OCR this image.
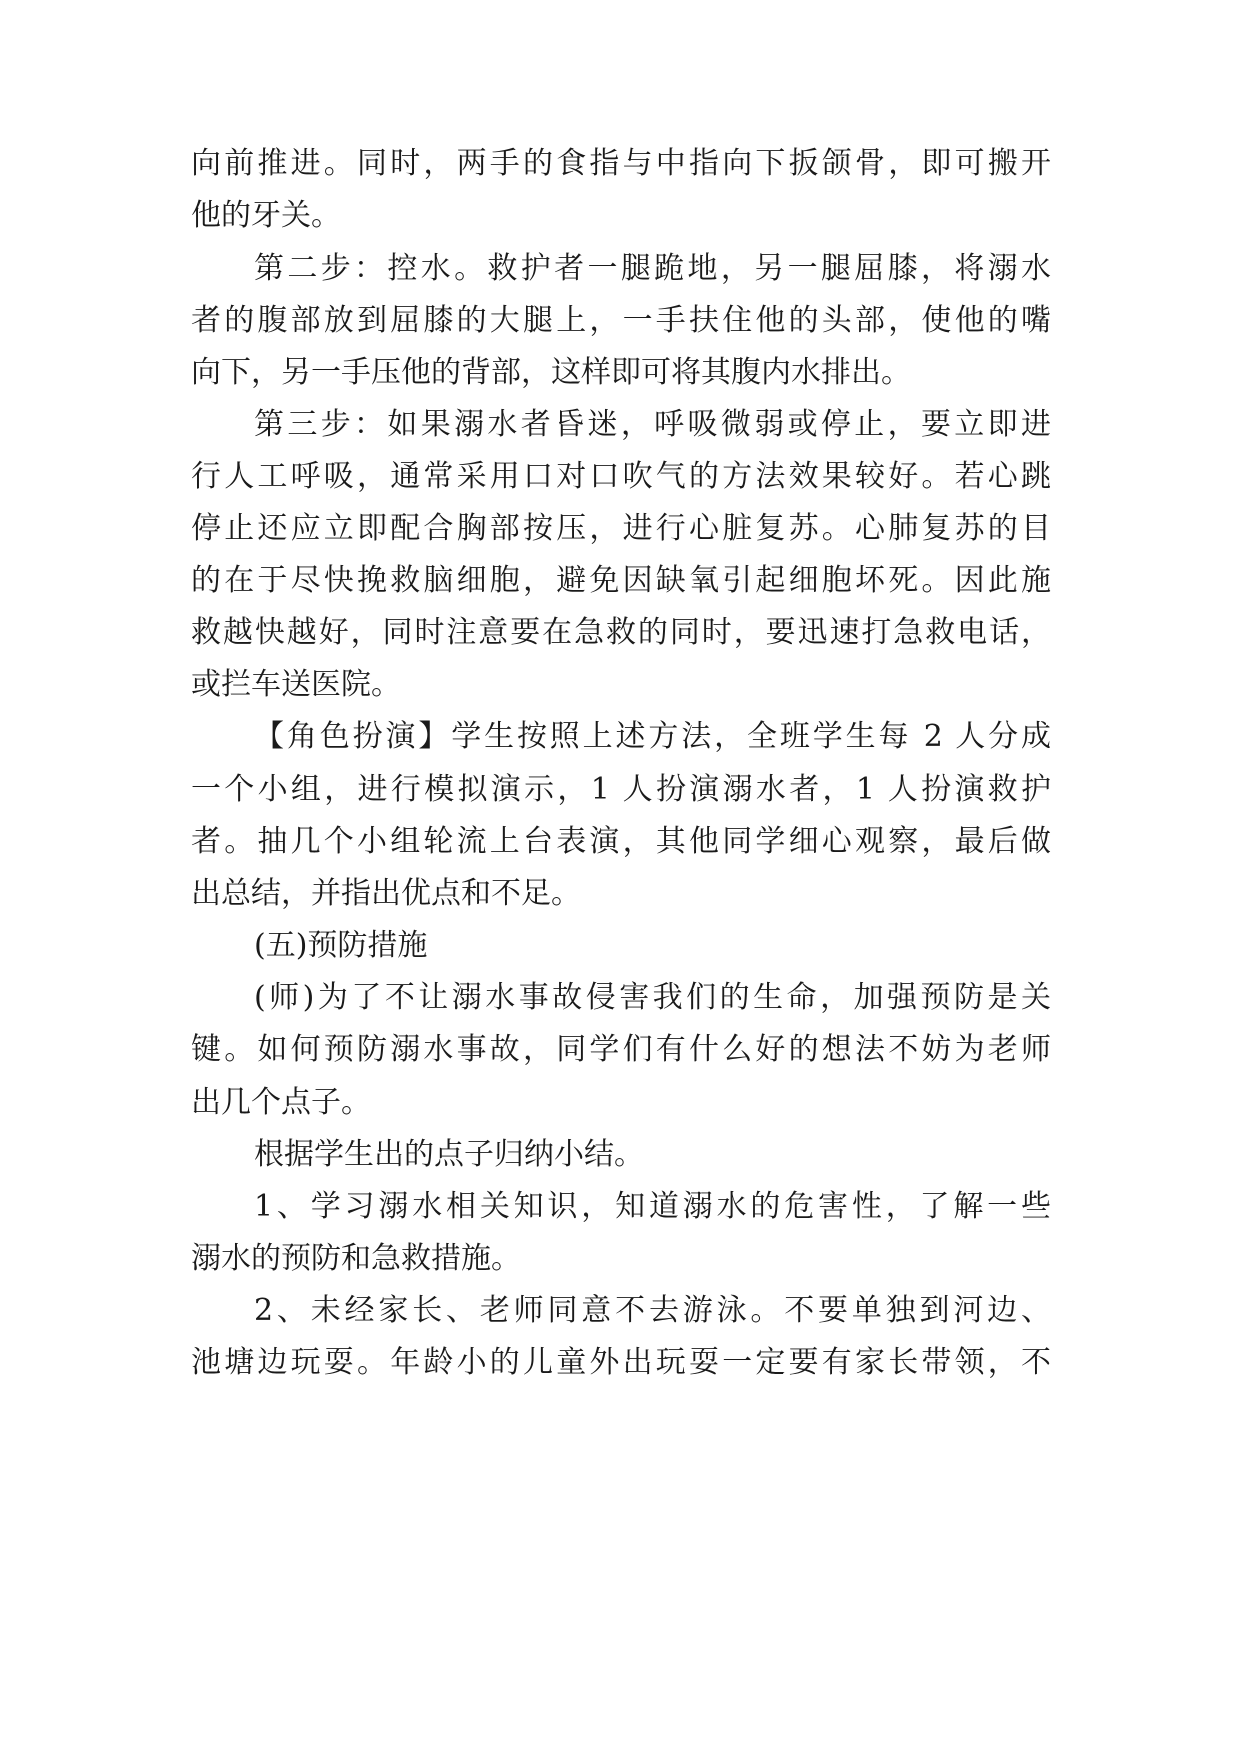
向前推进。同时，两手的食指与中指向下扳颌骨，即可搬开
他的牙关。
第二步：控水。救护者一腿跪地，另一腿屈膝，将溺水
者的腹部放到屈膝的大腿上，一手扶住他的头部，使他的嘴
向下，另一手压他的背部，这样即可将其腹内水排出。
第三步：如果溺水者昏迷，呼吸微弱或停止，要立即进
行人工呼吸，通常采用口对口吹气的方法效果较好。若心跳
停止还应立即配合胸部按压，进行心脏复苏。心肺复苏的目
的在于尽快挽救脑细胞，避免因缺氧引起细胞坏死。因此施
救越快越好，同时注意要在急救的同时，要迅速打急救电话，
或拦车送医院。
【角色扮演】学生按照上述方法，全班学生每 2 人分成
一个小组，进行模拟演示，1 人扮演溺水者，1 人扮演救护
者。抽几个小组轮流上台表演，其他同学细心观察，最后做
出总结，并指出优点和不足。
(五)预防措施
(师)为了不让溺水事故侵害我们的生命，加强预防是关
键。如何预防溺水事故，同学们有什么好的想法不妨为老师
出几个点子。
根据学生出的点子归纳小结。
1、学习溺水相关知识，知道溺水的危害性，了解一些
溺水的预防和急救措施。
2、未经家长、老师同意不去游泳。不要单独到河边、
池塘边玩耍。年龄小的儿童外出玩耍一定要有家长带领，不
